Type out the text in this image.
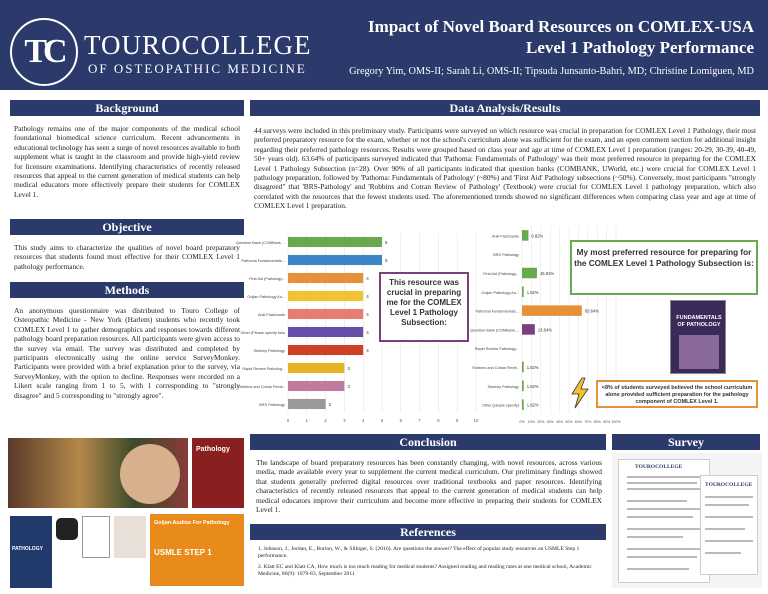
TC TOUROCOLLEGE
OF OSTEOPATHIC MEDICINE
Impact of Novel Board Resources on COMLEX-USA
Level 1 Pathology Performance
Gregory Yim, OMS-II; Sarah Li, OMS-II; Tipsuda Junsanto-Bahri, MD; Christine Lomiguen, MD
Background
Pathology remains one of the major components of the medical school foundational biomedical science curriculum. Recent advancements in educational technology has seen a surge of novel resources available to both supplement what is taught in the classroom and provide high-yield review for licensure examinations. Identifying characteristics of recently released resources that appeal to the current generation of medical students can help medical educators more effectively prepare their students for COMLEX Level 1.
Objective
This study aims to characterize the qualities of novel board preparatory resources that students found most effective for their COMLEX Level 1 pathology performance.
Methods
An anonymous questionnaire was distributed to Touro College of Osteopathic Medicine - New York (Harlem) students who recently took COMLEX Level 1 to gather demographics and responses towards different pathology board preparation resources. All participants were given access to the survey via email. The survey was distributed and completed by participants electronically using the online service SurveyMonkey. Participants were provided with a brief explanation prior to the survey, via SurveyMonkey, with the option to decline. Responses were recorded on a Likert scale ranging from 1 to 5, with 1 corresponding to "strongly disagree" and 5 corresponding to "strongly agree".
Pathology
PATHOLOGY
Goljan Audios For Pathology
USMLE STEP 1
Data Analysis/Results
44 surveys were included in this preliminary study. Participants were surveyed on which resource was crucial in preparation for COMLEX Level 1 Pathology, their most preferred preparatory resource for the exam, whether or not the school's curriculum alone was sufficient for the exam, and an open comment section for additional insight regarding their preferred pathology resources. Results were grouped based on class year and age at time of COMLEX Level 1 preparation (ranges: 20-29, 30-39, 40-49, 50+ years old). 63.64% of participants surveyed indicated that 'Pathoma: Fundamentals of Pathology' was their most preferred resource in preparing for the COMLEX Level 1 Pathology Subsection (n=28). Over 90% of all participants indicated that question banks (COMBANK, UWorld, etc.) were crucial for COMLEX Level 1 pathology preparation, followed by 'Pathoma: Fundamentals of Pathology' (~80%) and 'First Aid' Pathology subsections (~50%). Conversely, most participants "strongly disagreed" that 'BRS-Pathology' and 'Robbins and Cotran Review of Pathology' (Textbook) were crucial for COMLEX Level 1 pathology preparation, which also correlated with the resources that the fewest students used. The aforementioned trends showed no significant differences when comparing class year and age at time of COMLEX Level 1 preparation.
0	1	2	3	4	5	6	7	8	9	10
Question Bank (COMBank, ..	5
Pathoma Fundamentals...	5
First Aid (Pathology...	4
Goljan Pathology Au...	4
Anki Flashcards	4
Other (Please specify belo	4
Sketchy Pathology	4
Rapid Review Patholog...	3
Robbins and Cotran Revie..	3
BRS Pathology	2
0% 10% 20% 30% 40% 50% 60% 70% 80% 90% 100%
Anki Flashcards	6.82%
BRS Pathology
First Aid (Pathology...	15.91%
Goljan Pathology Au... 1.82%
Pathoma Fundamentals...	63.64%
Question Bank (COMBank,...	13.64%
Rapid Review Pathology...
Robbins and Cotran Revie.. 1.82%
Sketchy Pathology 1.82%
Other (please specify) 1.82%
This resource was crucial in preparing me for the COMLEX Level 1 Pathology Subsection:
My most preferred resource for preparing for the COMLEX Level 1 Pathology Subsection is:
FUNDAMENTALS OF PATHOLOGY
<8% of students surveyed believed the school curriculum alone provided sufficient preparation for the pathology component of COMLEX Level 1.
Conclusion
The landscape of board preparatory resources has been constantly changing, with novel resources, across various media, made available every year to supplement the current medical curriculum. Our preliminary findings showed that students generally preferred digital resources over traditional textbooks and paper resources. Identifying characteristics of recently released resources that appeal to the current generation of medical students can help medical educators improve their curriculum and become more effective in preparing their students for COMLEX Level 1.
References
1. Johnson, J., Jordan, E., Burton, W., & Silbiger, S. (2016). Are questions the answer? The effect of popular study resources on USMLE Step 1 performance.
2. Klatt EC and Klatt CA, How much is too much reading for medical students? Assigned reading and reading rates at one medical school, Academic Medicine, 86(9): 1079-83, September 2011
Survey
TOUROCOLLEGE
TOUROCOLLEGE
